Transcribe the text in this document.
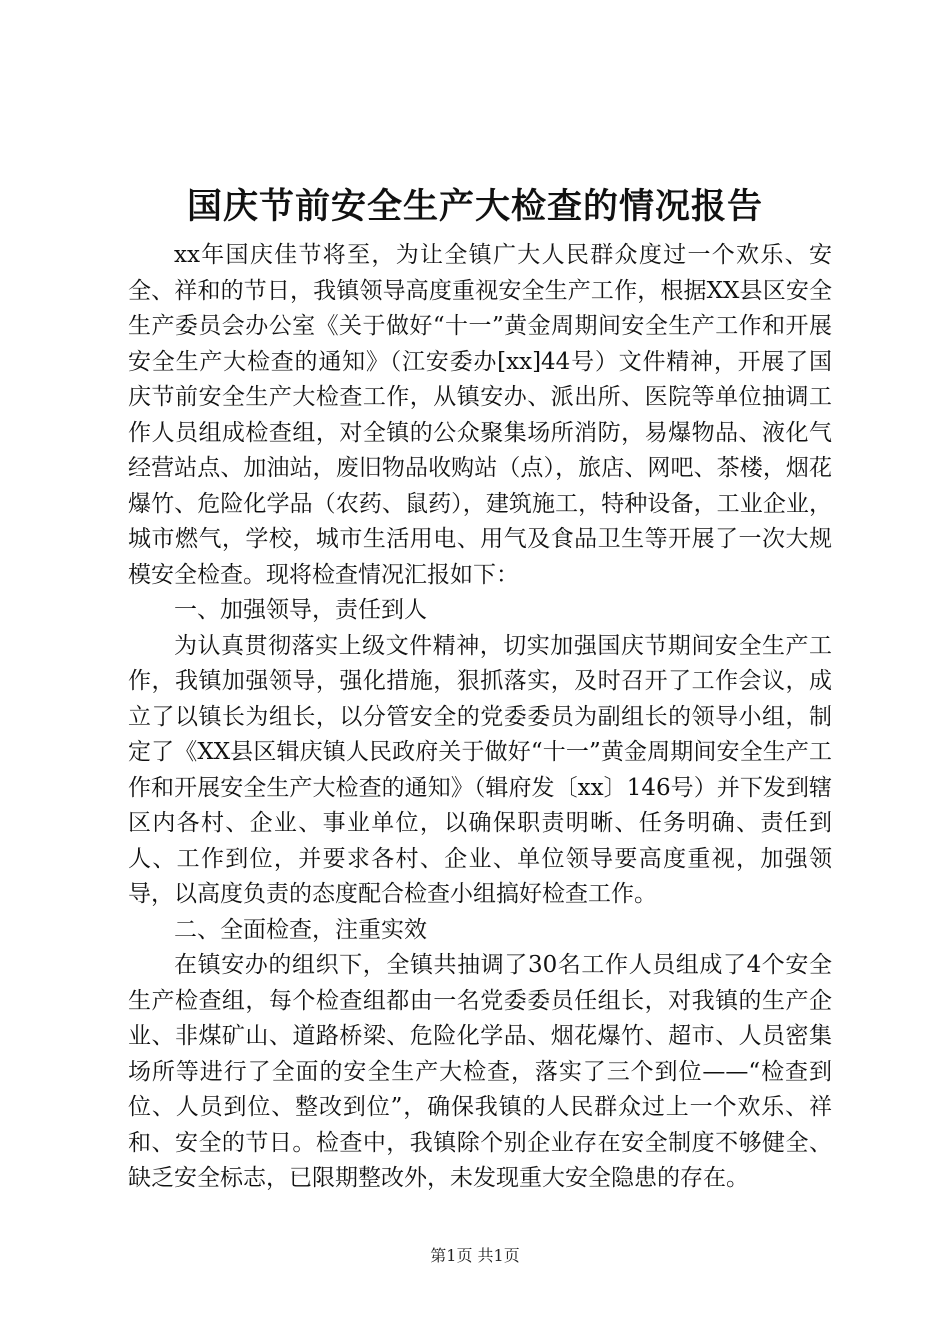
国庆节前安全生产大检查的情况报告

xx年国庆佳节将至，为让全镇广大人民群众度过一个欢乐、安全、祥和的节日，我镇领导高度重视安全生产工作，根据XX县区安全生产委员会办公室《关于做好“十一”黄金周期间安全生产工作和开展安全生产大检查的通知》（江安委办[xx]44号）文件精神，开展了国庆节前安全生产大检查工作，从镇安办、派出所、医院等单位抽调工作人员组成检查组，对全镇的公众聚集场所消防，易爆物品、液化气经营站点、加油站，废旧物品收购站（点），旅店、网吧、茶楼，烟花爆竹、危险化学品（农药、鼠药），建筑施工，特种设备，工业企业，城市燃气，学校，城市生活用电、用气及食品卫生等开展了一次大规模安全检查。现将检查情况汇报如下：

一、加强领导，责任到人

为认真贯彻落实上级文件精神，切实加强国庆节期间安全生产工作，我镇加强领导，强化措施，狠抓落实，及时召开了工作会议，成立了以镇长为组长，以分管安全的党委委员为副组长的领导小组，制定了《XX县区辑庆镇人民政府关于做好“十一”黄金周期间安全生产工作和开展安全生产大检查的通知》（辑府发〔xx〕146号）并下发到辖区内各村、企业、事业单位，以确保职责明晰、任务明确、责任到人、工作到位，并要求各村、企业、单位领导要高度重视，加强领导，以高度负责的态度配合检查小组搞好检查工作。

二、全面检查，注重实效

在镇安办的组织下，全镇共抽调了30名工作人员组成了4个安全生产检查组，每个检查组都由一名党委委员任组长，对我镇的生产企业、非煤矿山、道路桥梁、危险化学品、烟花爆竹、超市、人员密集场所等进行了全面的安全生产大检查，落实了三个到位——“检查到位、人员到位、整改到位”，确保我镇的人民群众过上一个欢乐、祥和、安全的节日。检查中，我镇除个别企业存在安全制度不够健全、缺乏安全标志，已限期整改外，未发现重大安全隐患的存在。

第1页 共1页
